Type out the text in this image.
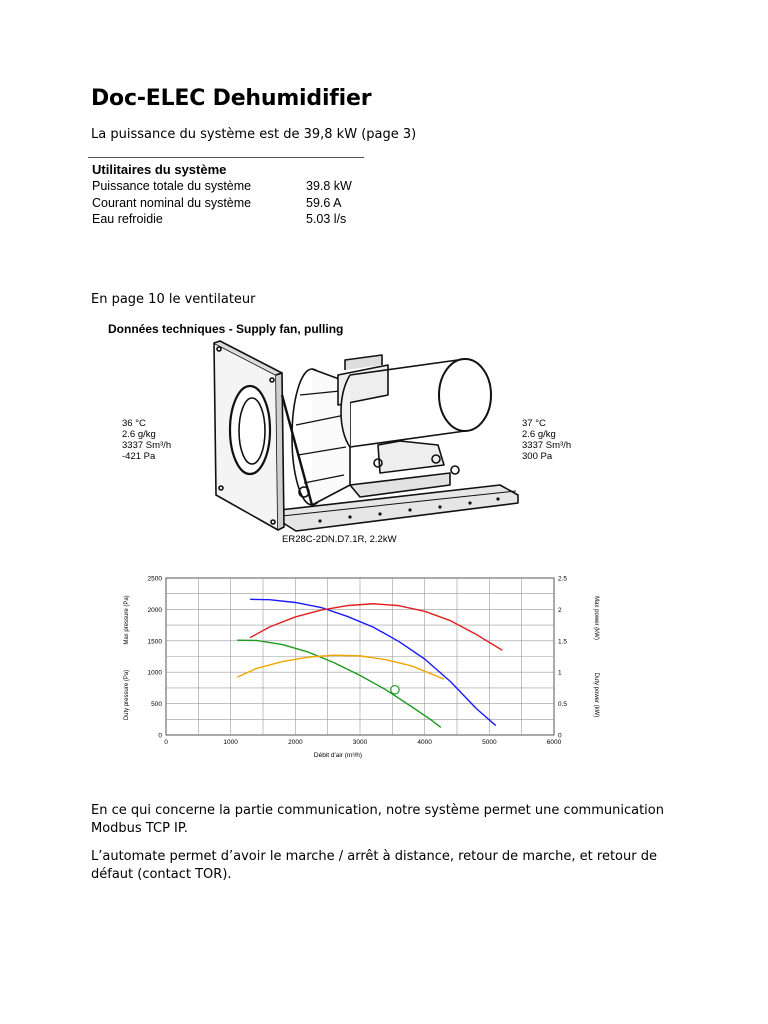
Doc-ELEC Dehumidifier
La puissance du système est de 39,8 kW (page 3)
Utilitaires du système
Puissance totale du système	39.8 kW
Courant nominal du système	59.6 A
Eau refroidie	5.03 l/s
En page 10 le ventilateur
Données techniques - Supply fan, pulling
36 °C
2.6 g/kg
3337 Sm³/h
-421 Pa
37 °C
2.6 g/kg
3337 Sm³/h
300 Pa
ER28C-2DN.D7.1R, 2.2kW
0	1000	2000	3000	4000	5000	6000
0
500
1000
1500
2000
2500
0
0.5
1
1.5
2
2.5
Débit d'air (m³/h)
Max pressure (Pa)
Duty pressure (Pa)
Max power (kW)
Duty power (kW)
En ce qui concerne la partie communication, notre système permet une communication Modbus TCP IP.
L’automate permet d’avoir le marche / arrêt à distance, retour de marche, et retour de défaut (contact TOR).
